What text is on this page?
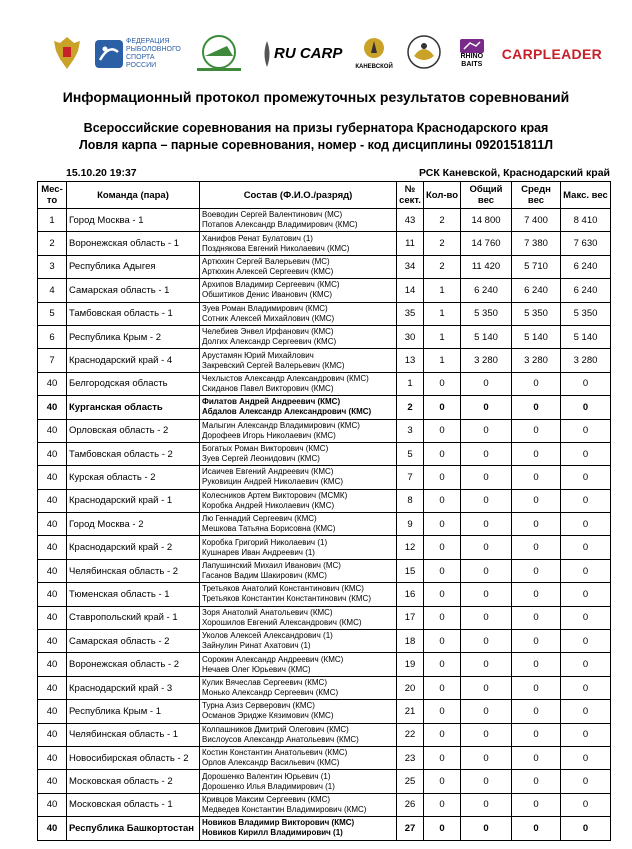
ФЕДЕРАЦИЯ РЫБОЛОВНОГО СПОРТА РОССИИ
RU CARP
КАНЕВСКОЙ
RHINO BAITS
CARPLEADER
Информационный протокол промежуточных результатов соревнований
Всероссийские соревнования на призы губернатора Краснодарского края
Ловля карпа – парные соревнования, номер - код дисциплины 0920151811Л
15.10.20 19:37	РСК Каневской, Краснодарский край
Мес-то	Команда (пара)	Состав (Ф.И.О./разряд)	№ сект.	Кол-во	Общий вес	Средн вес	Макс. вес
1	Город Москва - 1	Воеводин Сергей Валентинович (МС)
Потапов Александр Владимирович (КМС)	43	2	14 800	7 400	8 410
2	Воронежская область - 1	Ханифов Ренат Булатович (1)
Позднякова Евгений Николаевич (КМС)	11	2	14 760	7 380	7 630
3	Республика Адыгея	Артюхин Сергей Валерьевич (МС)
Артюхин Алексей Сергеевич (КМС)	34	2	11 420	5 710	6 240
4	Самарская область - 1	Архипов Владимир Сергеевич (КМС)
Обшитиков Денис Иванович (КМС)	14	1	6 240	6 240	6 240
5	Тамбовская область - 1	Зуев Роман Владимирович (КМС)
Сотник Алексей Михайлович (КМС)	35	1	5 350	5 350	5 350
6	Республика Крым - 2	Челебиев Энвел Ирфанович (КМС)
Долгих Александр Сергеевич (КМС)	30	1	5 140	5 140	5 140
7	Краснодарский край - 4	Арустамян Юрий Михайлович
Закревский Сергей Валерьевич (КМС)	13	1	3 280	3 280	3 280
40	Белгородская область	Чехлыстов Александр Александрович (КМС)
Скиданов Павел Викторович (КМС)	1	0	0	0	0
40	Курганская область	Филатов Андрей Андреевич (КМС)
Абдалов Александр Александрович (КМС)	2	0	0	0	0
40	Орловская область - 2	Малыгин Александр Владимирович (КМС)
Дорофеев Игорь Николаевич (КМС)	3	0	0	0	0
40	Тамбовская область - 2	Богатых Роман Викторович (КМС)
Зуев Сергей Леонидович (КМС)	5	0	0	0	0
40	Курская область - 2	Исаичев Евгений Андреевич (КМС)
Руковицин Андрей Николаевич (КМС)	7	0	0	0	0
40	Краснодарский край - 1	Колесников Артем Викторович (МСМК)
Коробка Андрей Николаевич (КМС)	8	0	0	0	0
40	Город Москва - 2	Лю Геннадий Сергеевич (КМС)
Мешкова Татьяна Борисовна (КМС)	9	0	0	0	0
40	Краснодарский край - 2	Коробка Григорий Николаевич (1)
Кушнарев Иван Андреевич (1)	12	0	0	0	0
40	Челябинская область - 2	Лапушинский Михаил Иванович (МС)
Гасанов Вадим Шакирович (КМС)	15	0	0	0	0
40	Тюменская область - 1	Третьяков Анатолий Константинович (КМС)
Третьяков Константин Константинович (КМС)	16	0	0	0	0
40	Ставропольский край - 1	Зоря Анатолий Анатольевич (КМС)
Хорошилов Евгений Александрович (КМС)	17	0	0	0	0
40	Самарская область - 2	Уколов Алексей Александрович (1)
Зайнулин Ринат Ахатович (1)	18	0	0	0	0
40	Воронежская область - 2	Сорокин Александр Андреевич (КМС)
Нечаев Олег Юрьевич (КМС)	19	0	0	0	0
40	Краснодарский край - 3	Кулик Вячеслав Сергеевич (КМС)
Монько Александр Сергеевич (КМС)	20	0	0	0	0
40	Республика Крым - 1	Турна Азиз Серверович (КМС)
Османов Эридже Кязимович (КМС)	21	0	0	0	0
40	Челябинская область - 1	Колпашников Дмитрий Олегович (КМС)
Вислоусов Александр Анатольевич (КМС)	22	0	0	0	0
40	Новосибирская область - 2	Костин Константин Анатольевич (КМС)
Орлов Александр Васильевич (КМС)	23	0	0	0	0
40	Московская область - 2	Дорошенко Валентин Юрьевич (1)
Дорошенко Илья Владимирович (1)	25	0	0	0	0
40	Московская область - 1	Кривцов Максим Сергеевич (КМС)
Медведев Константин Владимирович (КМС)	26	0	0	0	0
40	Республика Башкортостан	Новиков Владимир Викторович (КМС)
Новиков Кирилл Владимирович (1)	27	0	0	0	0
